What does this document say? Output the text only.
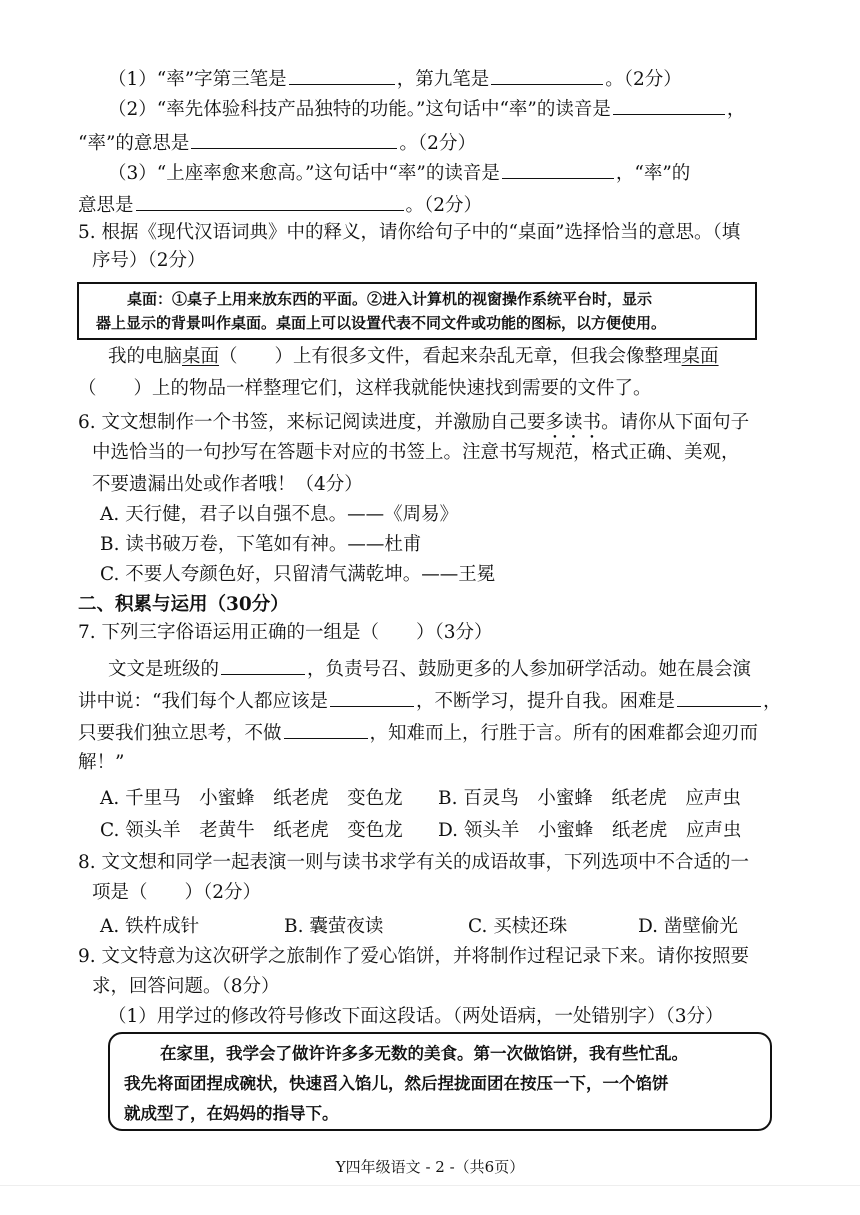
（1）“率”字第三笔是	，第九笔是	。（2分）
（2）“率先体验科技产品独特的功能。”这句话中“率”的读音是	，
“率”的意思是	。（2分）
（3）“上座率愈来愈高。”这句话中“率”的读音是	，“率”的
意思是	。（2分）
5. 根据《现代汉语词典》中的释义，请你给句子中的“桌面”选择恰当的意思。（填
序号）（2分）
桌面：①桌子上用来放东西的平面。②进入计算机的视窗操作系统平台时，显示
器上显示的背景叫作桌面。桌面上可以设置代表不同文件或功能的图标，以方便使用。
我的电脑桌面（　　）上有很多文件，看起来杂乱无章，但我会像整理桌面
（　　）上的物品一样整理它们，这样我就能快速找到需要的文件了。
6. 文文想制作一个书签，来标记阅读进度，并激励自己要多读书。请你从下面句子
中选恰当的一句抄写在答题卡对应的书签上。注意书写规范，格式正确、美观，
不要遗漏出处或作者哦！（4分）
A. 天行健，君子以自强不息。——《周易》
B. 读书破万卷，下笔如有神。——杜甫
C. 不要人夸颜色好，只留清气满乾坤。——王冕
二、积累与运用（30分）
7. 下列三字俗语运用正确的一组是（　　）（3分）
文文是班级的	，负责号召、鼓励更多的人参加研学活动。她在晨会演
讲中说：“我们每个人都应该是	，不断学习，提升自我。困难是	，
只要我们独立思考，不做	，知难而上，行胜于言。所有的困难都会迎刃而
解！”
A. 千里马　小蜜蜂　纸老虎　变色龙 B. 百灵鸟　小蜜蜂　纸老虎　应声虫
C. 领头羊　老黄牛　纸老虎　变色龙 D. 领头羊　小蜜蜂　纸老虎　应声虫
8. 文文想和同学一起表演一则与读书求学有关的成语故事，下列选项中不合适的一
项是（　　）（2分）
A. 铁杵成针	B. 囊萤夜读	C. 买椟还珠	D. 凿壁偷光
9. 文文特意为这次研学之旅制作了爱心馅饼，并将制作过程记录下来。请你按照要
求，回答问题。（8分）
（1）用学过的修改符号修改下面这段话。（两处语病，一处错别字）（3分）
在家里，我学会了做许许多多无数的美食。第一次做馅饼，我有些忙乱。
我先将面团捏成碗状，快速舀入馅儿，然后捏拢面团在按压一下，一个馅饼
就成型了，在妈妈的指导下。
Y四年级语文 - 2 -（共6页）
